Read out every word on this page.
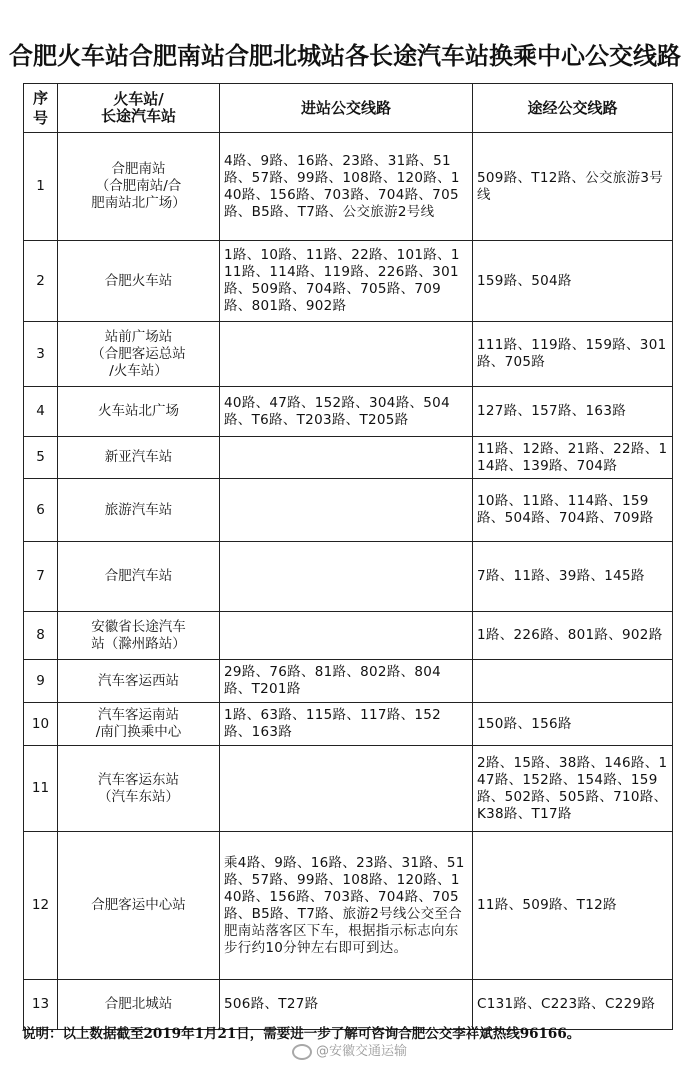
合肥火车站合肥南站合肥北城站各长途汽车站换乘中心公交线路
序
号	火车站/
长途汽车站	进站公交线路	途经公交线路
1	合肥南站
（合肥南站/合
肥南站北广场）	4路、9路、16路、23路、31路、51路、57路、99路、108路、120路、140路、156路、703路、704路、705路、B5路、T7路、公交旅游2号线	509路、T12路、公交旅游3号线
2	合肥火车站	1路、10路、11路、22路、101路、111路、114路、119路、226路、301路、509路、704路、705路、709路、801路、902路	159路、504路
3	站前广场站
（合肥客运总站
/火车站）		111路、119路、159路、301路、705路
4	火车站北广场	40路、47路、152路、304路、504路、T6路、T203路、T205路	127路、157路、163路
5	新亚汽车站		11路、12路、21路、22路、114路、139路、704路
6	旅游汽车站		10路、11路、114路、159路、504路、704路、709路
7	合肥汽车站		7路、11路、39路、145路
8	安徽省长途汽车
站（滁州路站）		1路、226路、801路、902路
9	汽车客运西站	29路、76路、81路、802路、804路、T201路	
10	汽车客运南站
/南门换乘中心	1路、63路、115路、117路、152路、163路	150路、156路
11	汽车客运东站
（汽车东站）		2路、15路、38路、146路、147路、152路、154路、159路、502路、505路、710路、K38路、T17路
12	合肥客运中心站	乘4路、9路、16路、23路、31路、51路、57路、99路、108路、120路、140路、156路、703路、704路、705路、B5路、T7路、旅游2号线公交至合肥南站落客区下车，根据指示标志向东步行约10分钟左右即可到达。	11路、509路、T12路
13	合肥北城站	506路、T27路	C131路、C223路、C229路
说明：以上数据截至2019年1月21日，需要进一步了解可咨询合肥公交李祥斌热线96166。
@安徽交通运输
